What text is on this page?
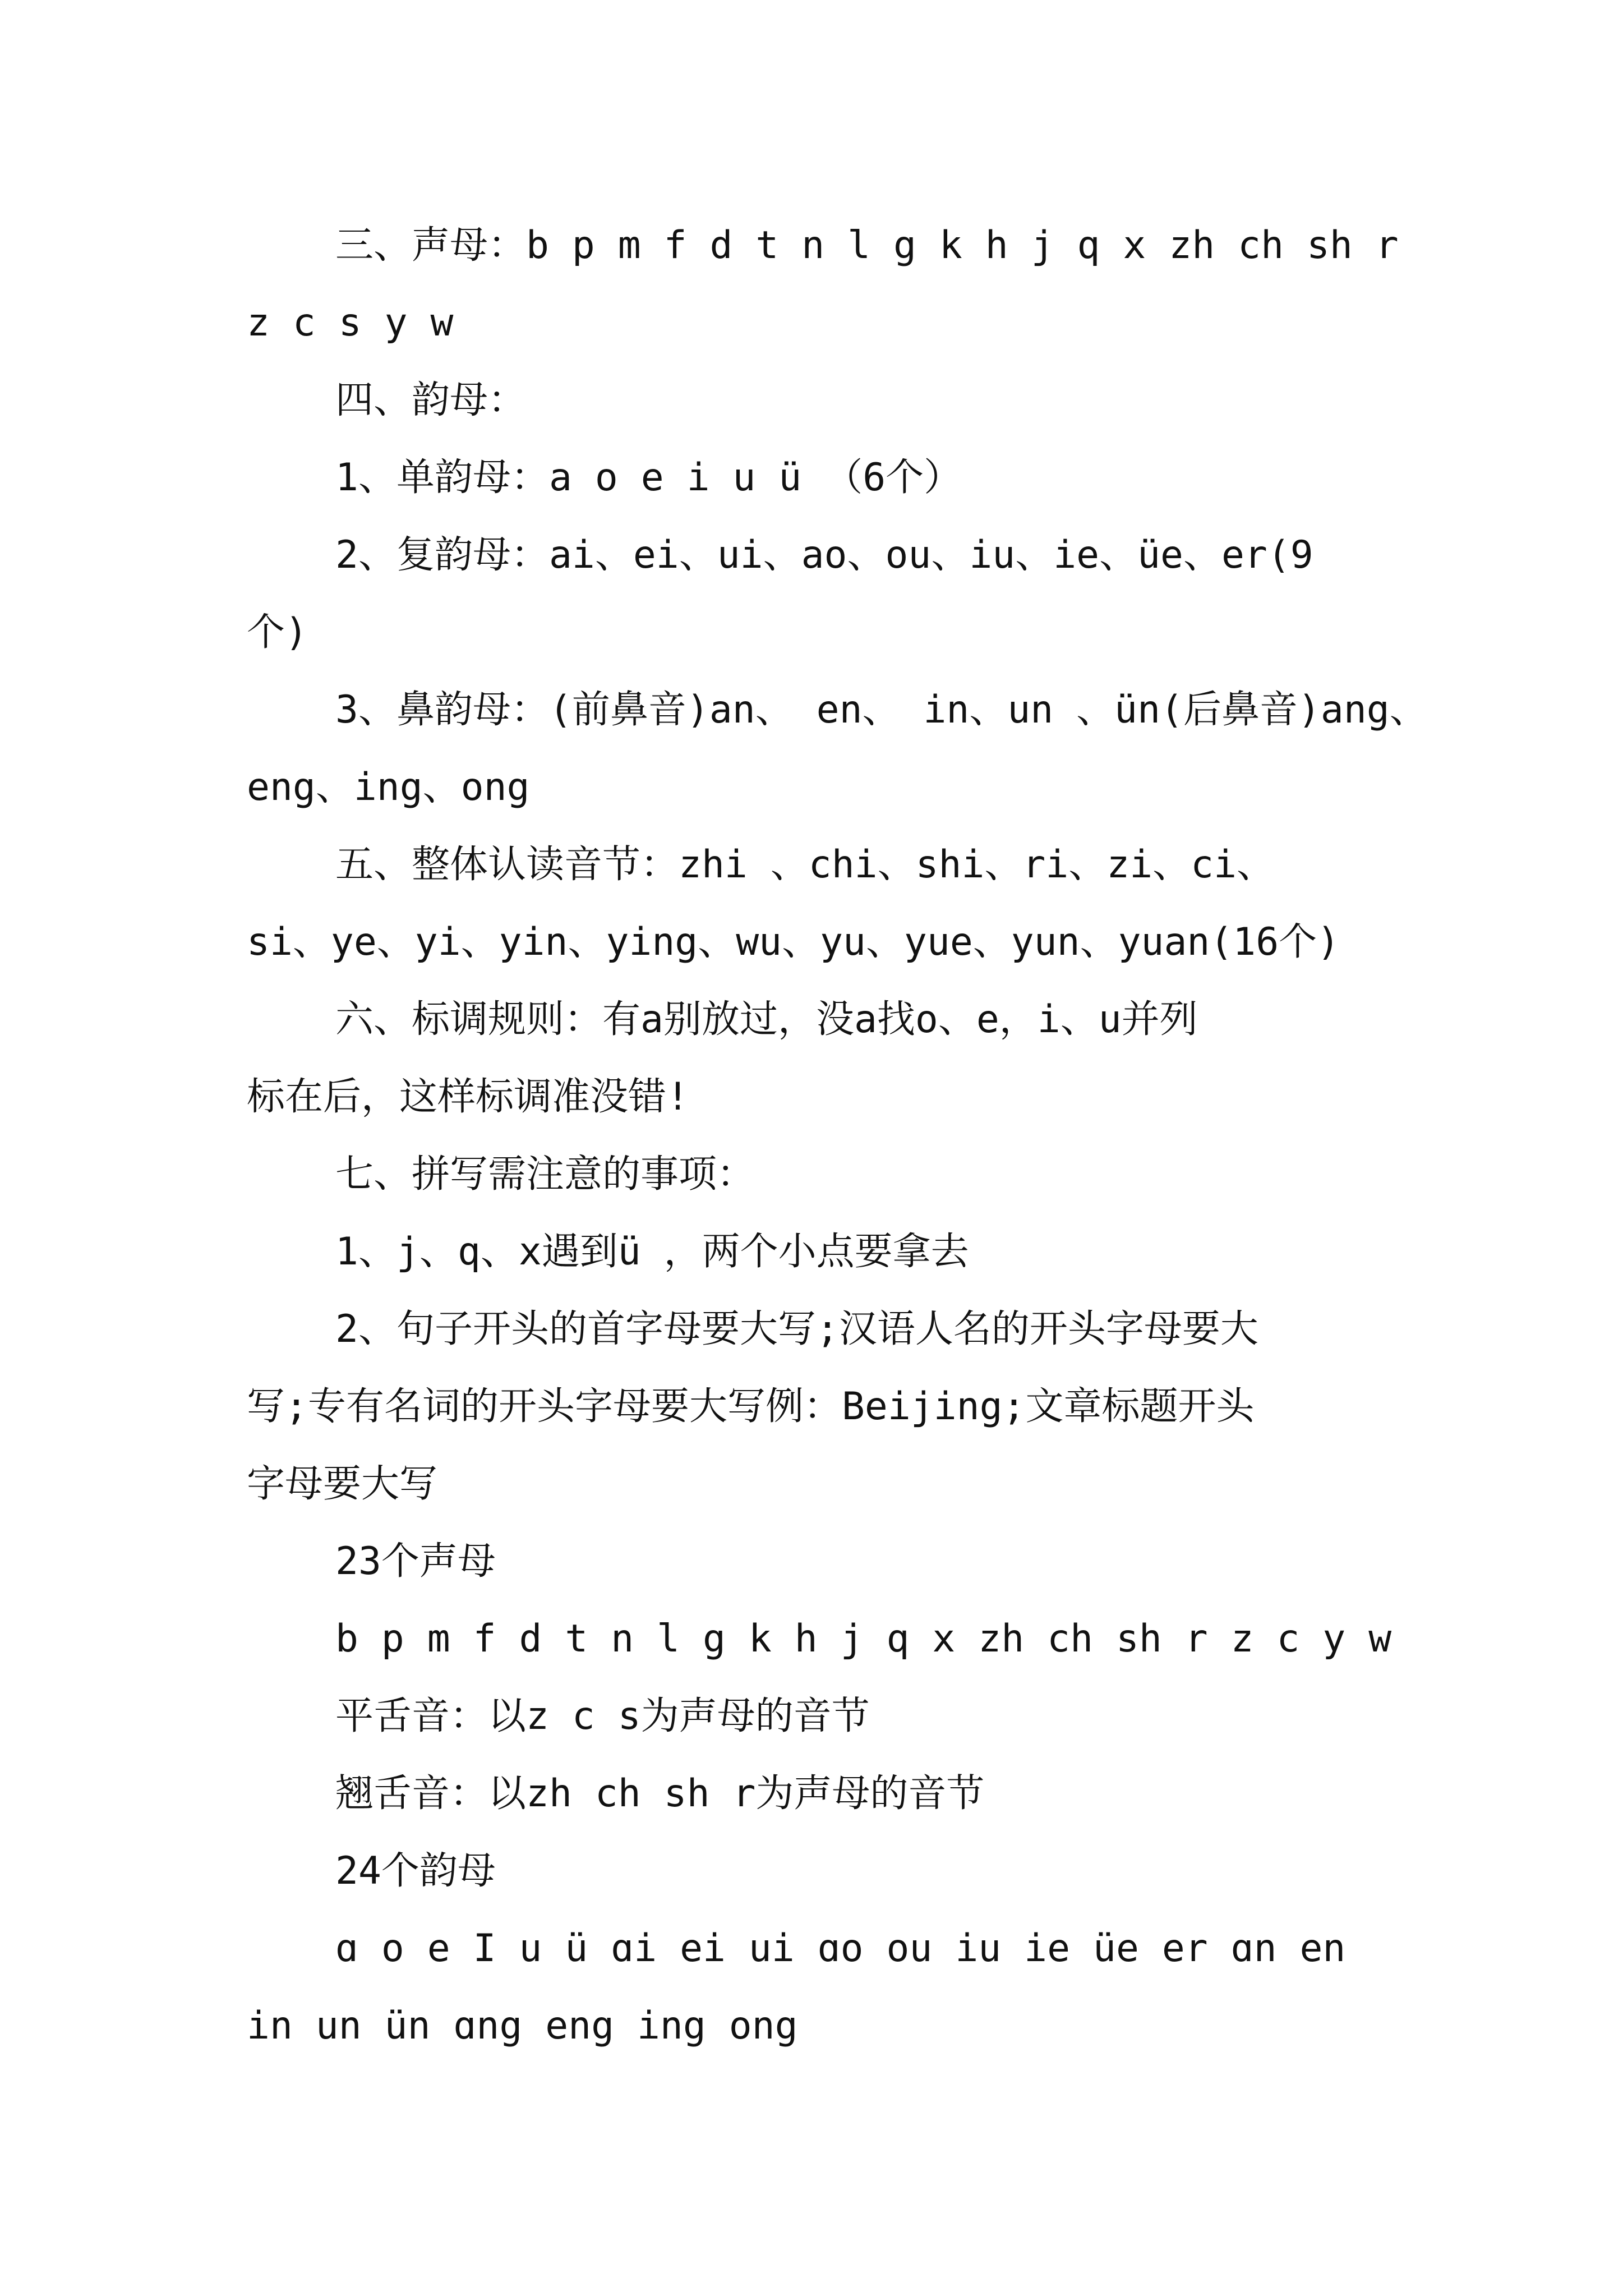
三、声母：b p m f d t n l g k h j q x zh ch sh r
z c s y w
四、韵母：
1、单韵母：a o e i u ü （6个）
2、复韵母：ai、ei、ui、ao、ou、iu、ie、üe、er(9
个)
3、鼻韵母：(前鼻音)an、 en、 in、un 、ün(后鼻音)ang、
eng、ing、ong
五、整体认读音节：zhi 、chi、shi、ri、zi、ci、
si、ye、yi、yin、ying、wu、yu、yue、yun、yuan(16个)
六、标调规则：有a别放过，没a找o、e，i、u并列
标在后，这样标调准没错!
七、拼写需注意的事项：
1、j、q、x遇到ü ，两个小点要拿去
2、句子开头的首字母要大写;汉语人名的开头字母要大
写;专有名词的开头字母要大写例：Beijing;文章标题开头
字母要大写
23个声母
b p m f d t n l g k h j q x zh ch sh r z c y w
平舌音：以z c s为声母的音节
翘舌音：以zh ch sh r为声母的音节
24个韵母
ɑ o e I u ü ɑi ei ui ɑo ou iu ie üe er ɑn en
in un ün ɑng eng ing ong
